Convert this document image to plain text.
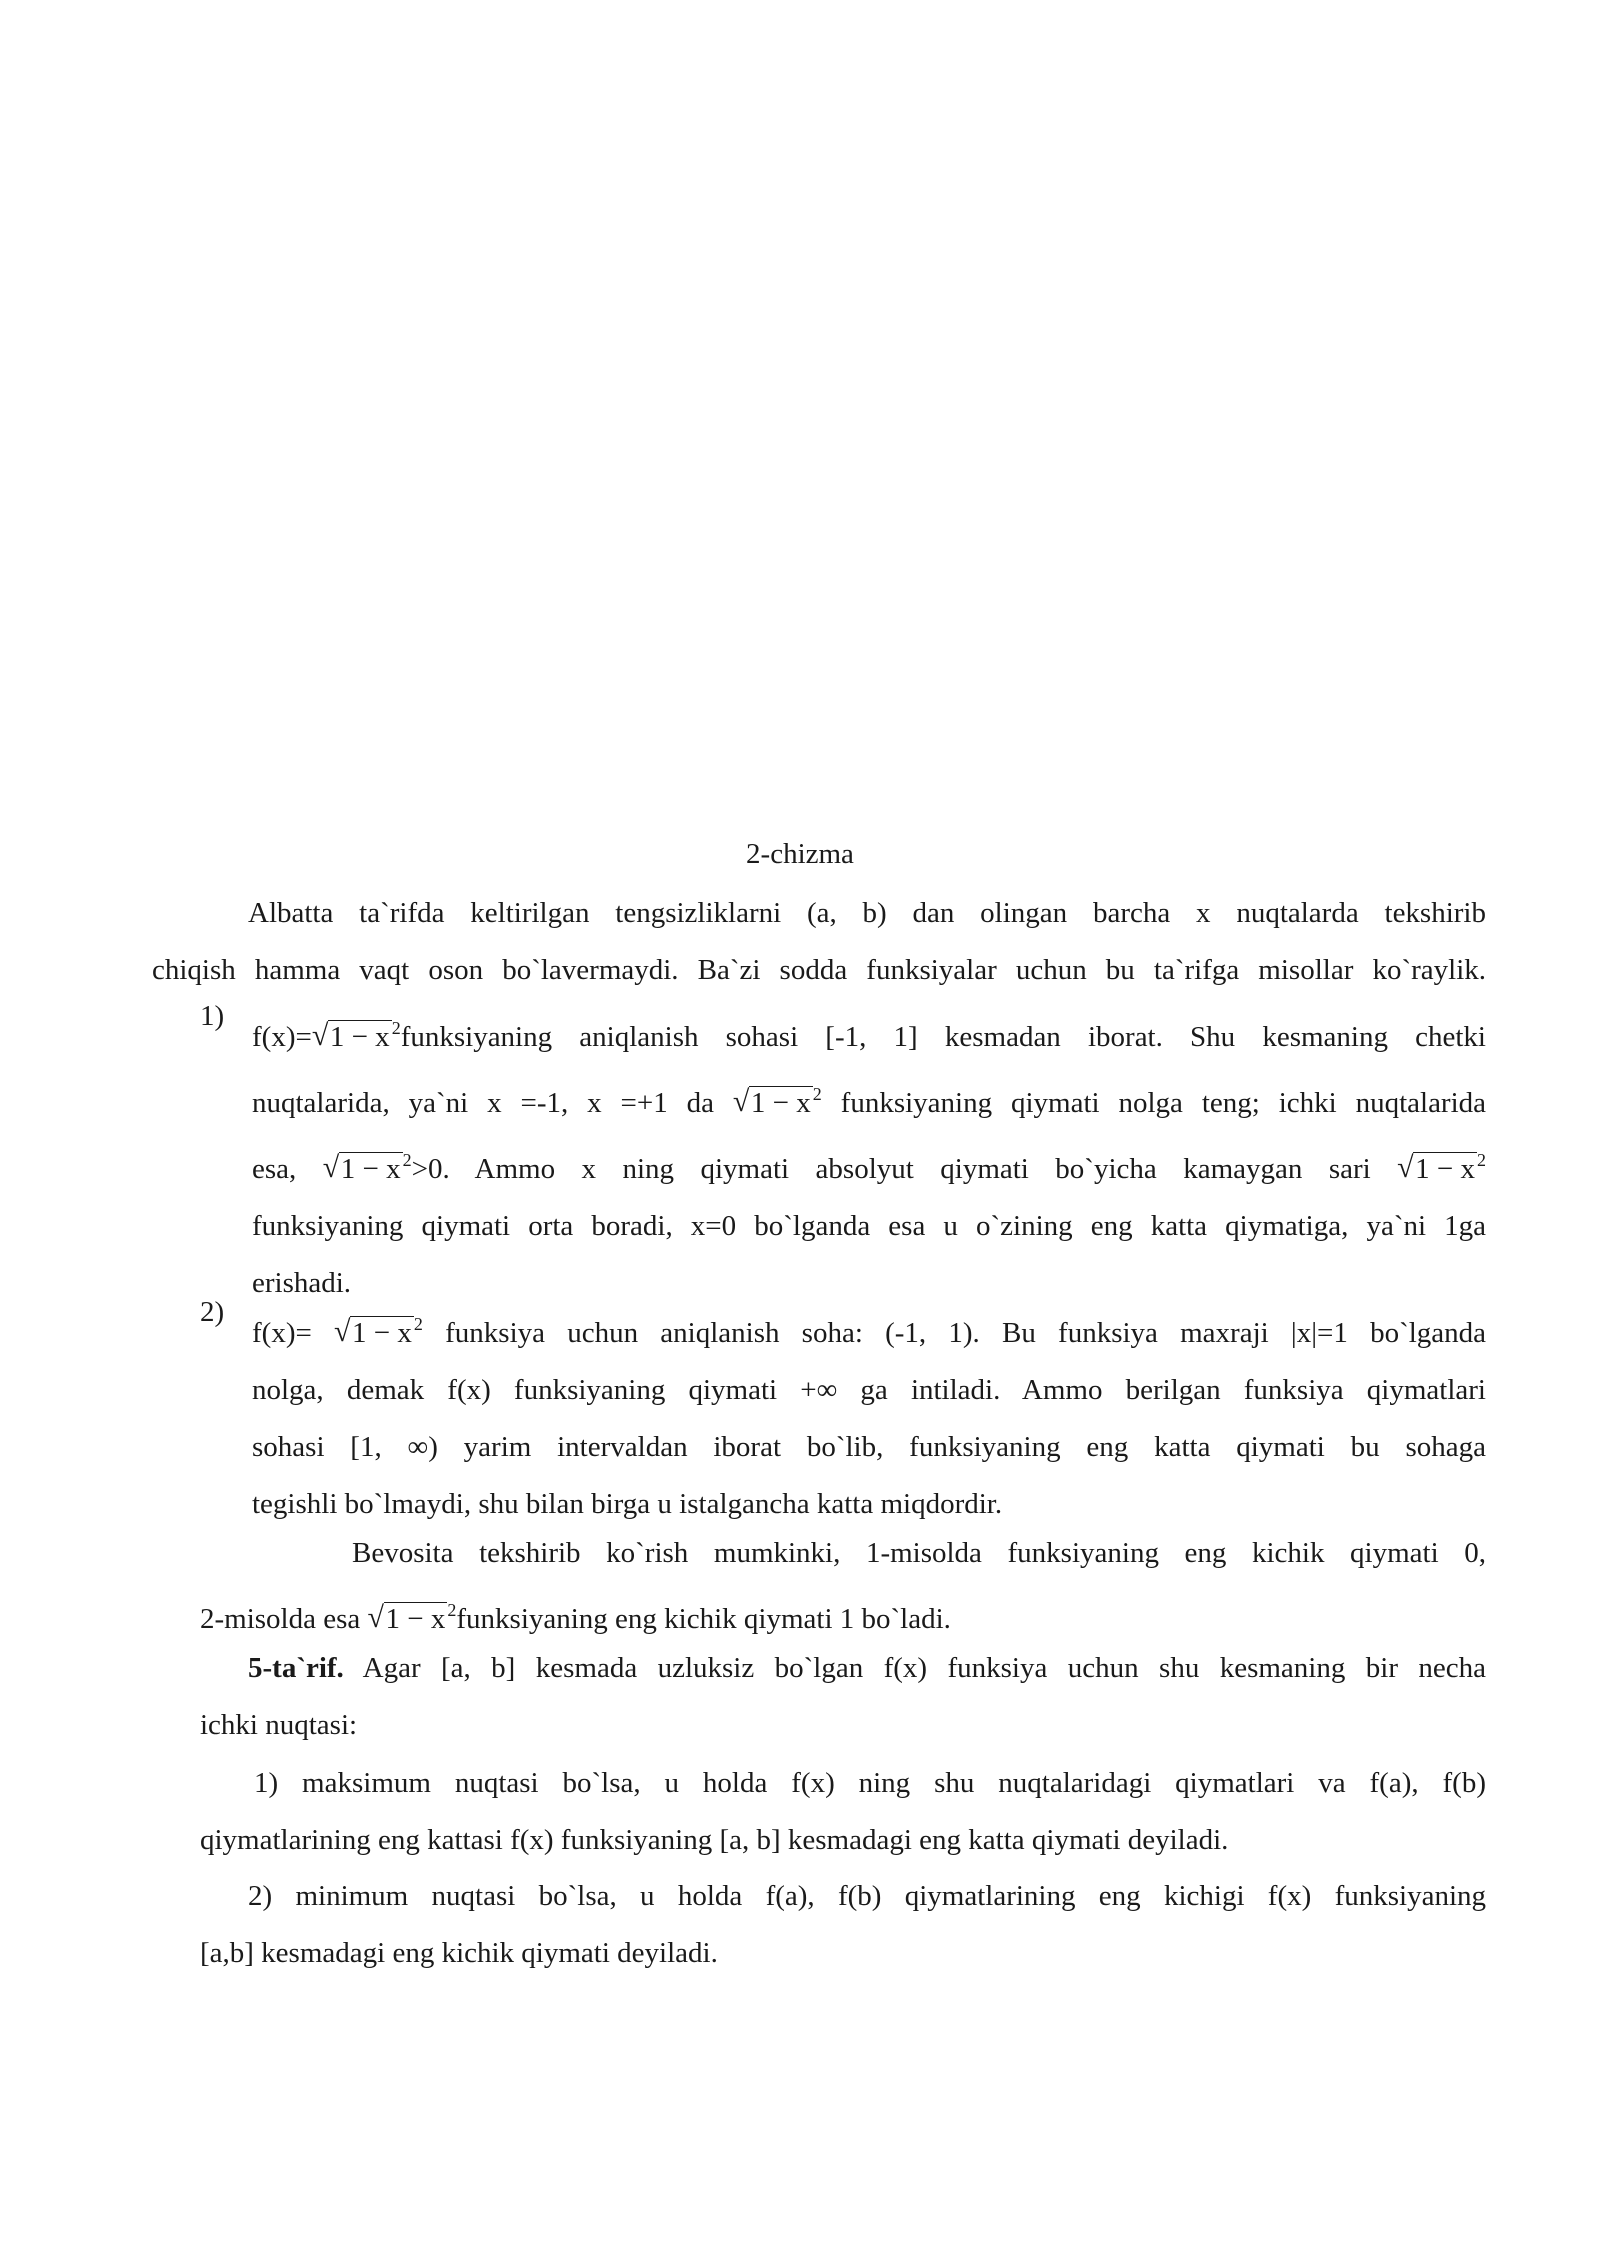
2-chizma
Albatta ta`rifda keltirilgan tengsizliklarni (a, b) dan olingan barcha x nuqtalarda tekshirib
chiqish hamma vaqt oson bo`lavermaydi. Ba`zi sodda funksiyalar uchun bu ta`rifga misollar ko`raylik.
1)
f(x)= √ 1 − x $^2$funksiyaning aniqlanish sohasi [-1, 1] kesmadan iborat. Shu kesmaning chetki
nuqtalarida, ya`ni x =-1, x =+1 da √ 1 − x $^2$ funksiyaning qiymati nolga teng; ichki nuqtalarida
esa, √ 1 − x $^2$>0. Ammo x ning qiymati absolyut qiymati bo`yicha kamaygan sari √ 1 − x $^2$
funksiyaning qiymati orta boradi, x=0 bo`lganda esa u o`zining eng katta qiymatiga, ya`ni 1ga
erishadi.
2)
f(x)= √ 1 − x $^2$ funksiya uchun aniqlanish soha: (-1, 1). Bu funksiya maxraji |x|=1 bo`lganda
nolga, demak f(x) funksiyaning qiymati +∞ ga intiladi. Ammo berilgan funksiya qiymatlari
sohasi [1, ∞) yarim intervaldan iborat bo`lib, funksiyaning eng katta qiymati bu sohaga
tegishli bo`lmaydi, shu bilan birga u istalgancha katta miqdordir.
Bevosita tekshirib ko`rish mumkinki, 1-misolda funksiyaning eng kichik qiymati 0,
2-misolda esa √ 1 − x $^2$funksiyaning eng kichik qiymati 1 bo`ladi.
5-ta`rif. Agar [a, b] kesmada uzluksiz bo`lgan f(x) funksiya uchun shu kesmaning bir necha
ichki nuqtasi:
1) maksimum nuqtasi bo`lsa, u holda f(x) ning shu nuqtalaridagi qiymatlari va f(a), f(b)
qiymatlarining eng kattasi f(x) funksiyaning [a, b] kesmadagi eng katta qiymati deyiladi.
2) minimum nuqtasi bo`lsa, u holda f(a), f(b) qiymatlarining eng kichigi f(x) funksiyaning
[a,b] kesmadagi eng kichik qiymati deyiladi.
